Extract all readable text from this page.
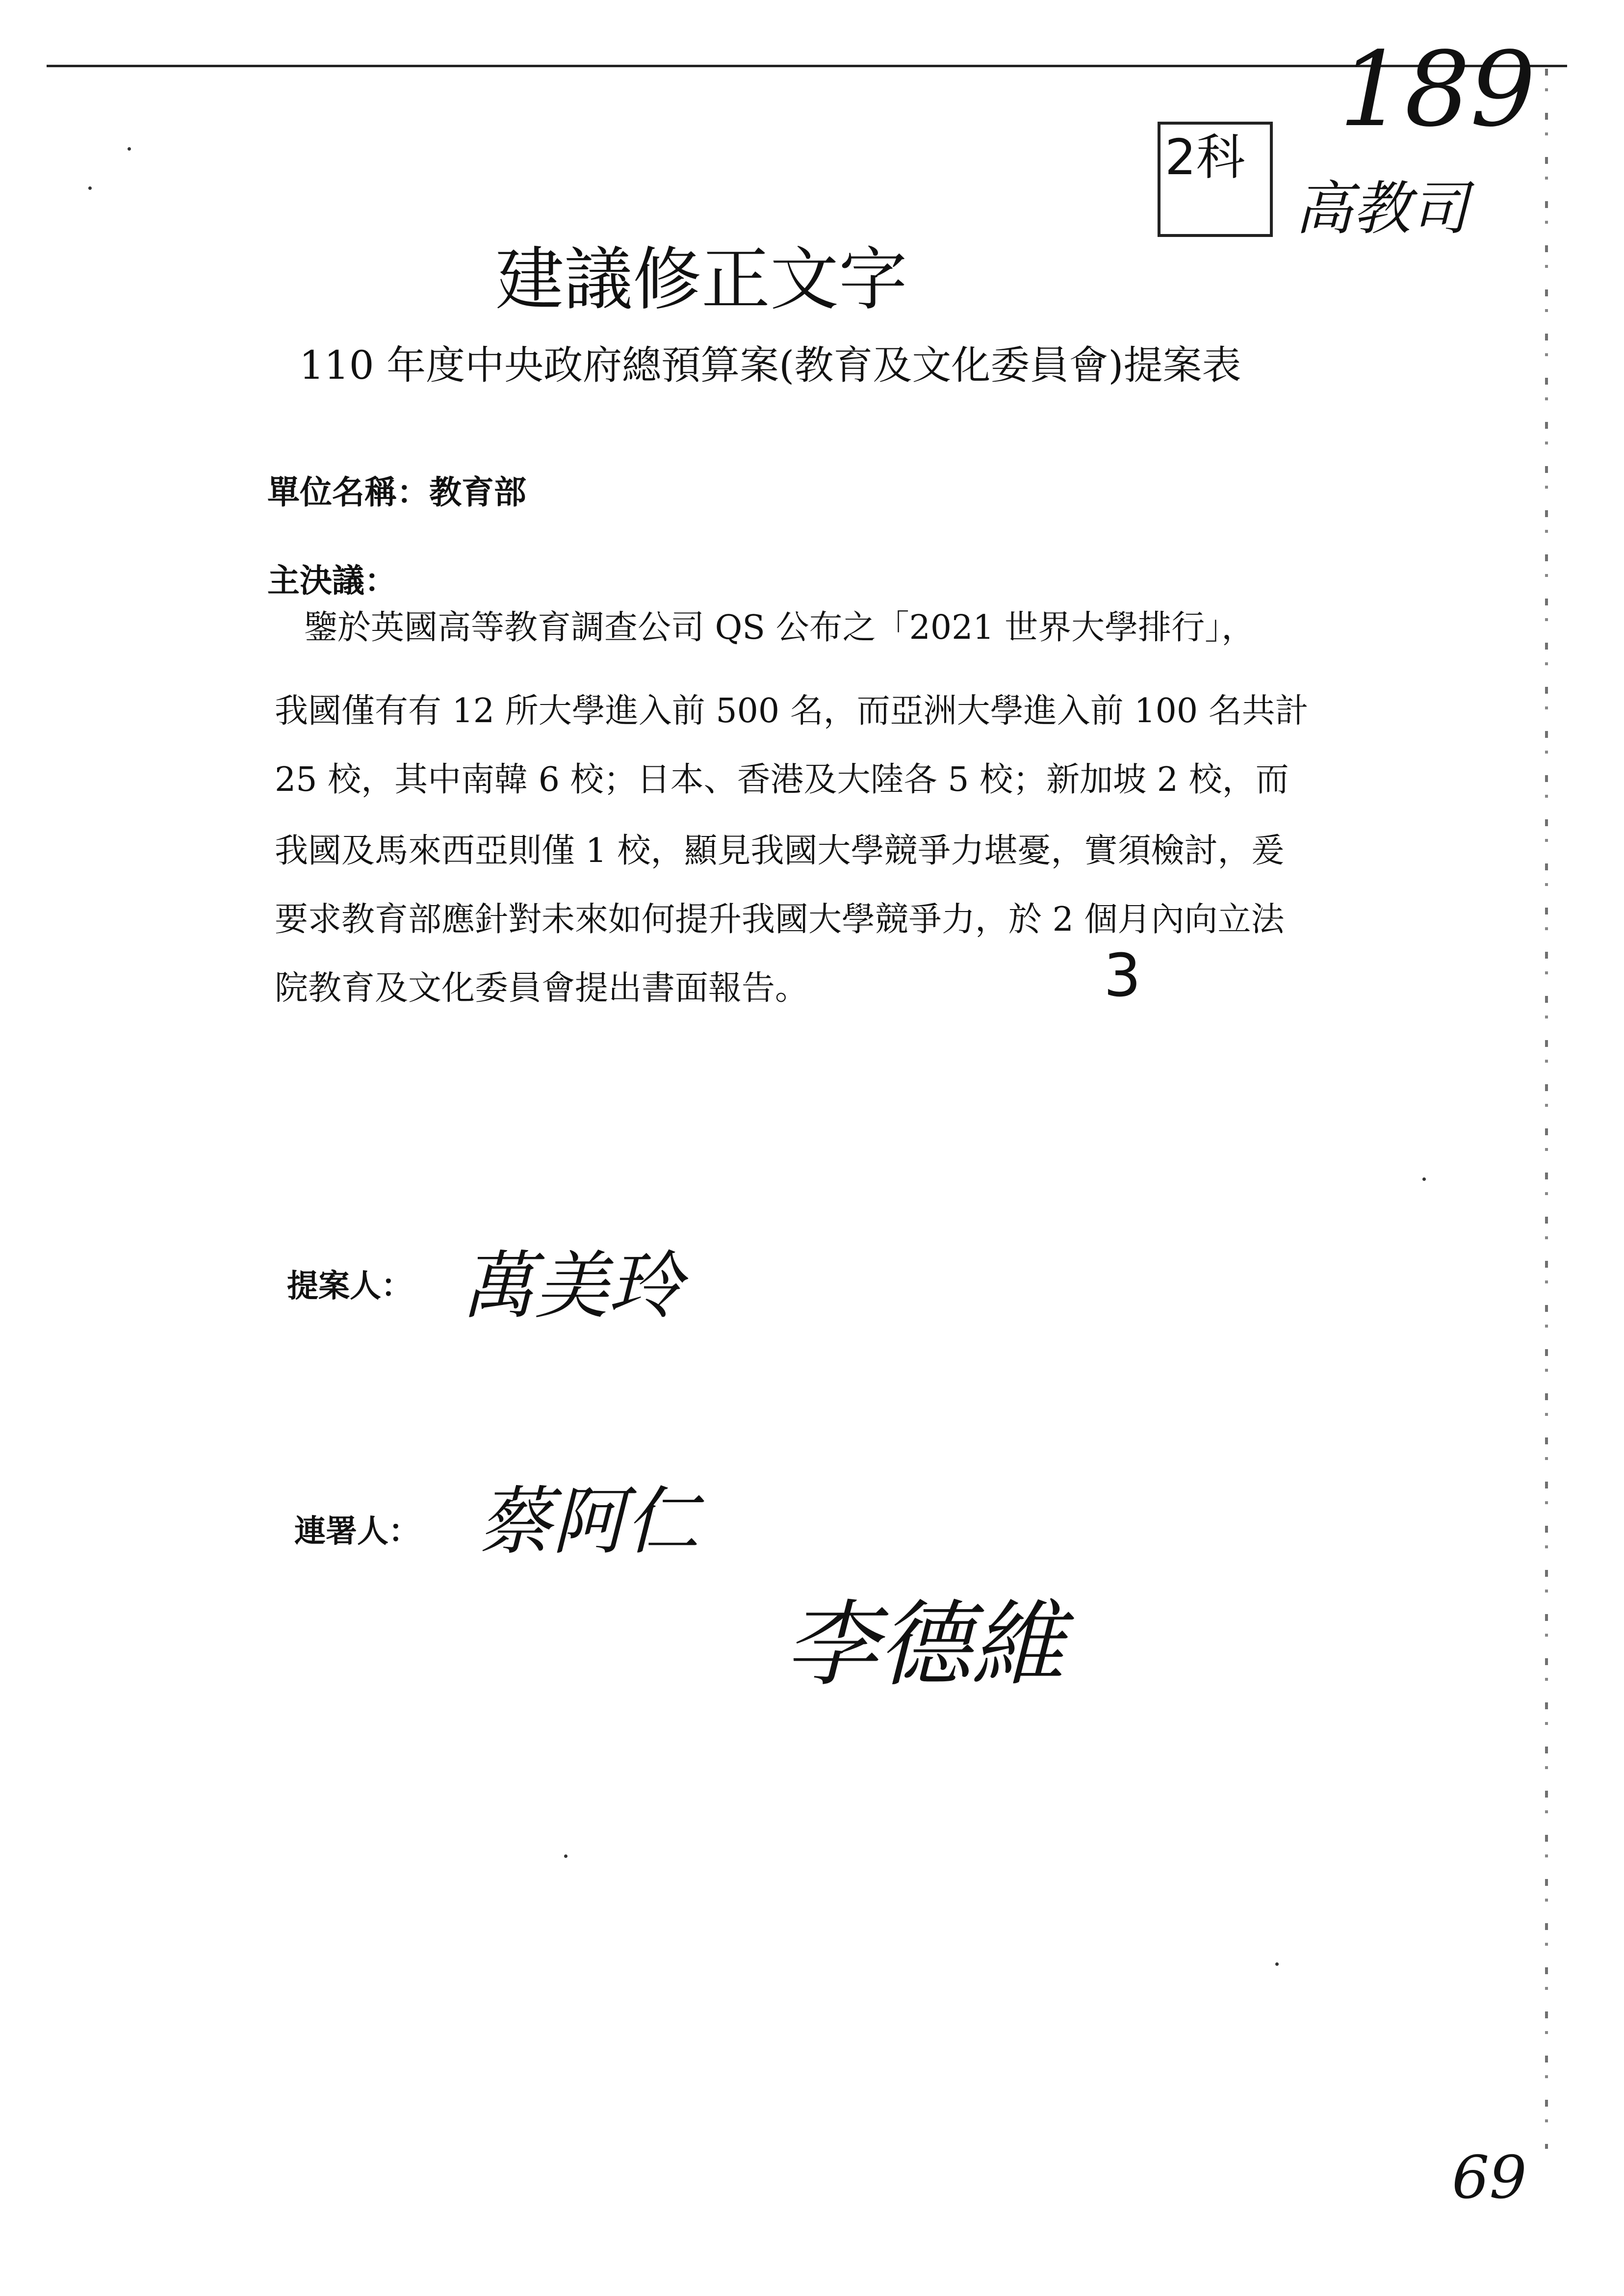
2科
189
高教司
建議修正文字
110 年度中央政府總預算案(教育及文化委員會)提案表
單位名稱：教育部
主決議：
鑒於英國高等教育調查公司 QS 公布之「2021 世界大學排行」，
我國僅有有 12 所大學進入前 500 名，而亞洲大學進入前 100 名共計
25 校，其中南韓 6 校；日本、香港及大陸各 5 校；新加坡 2 校，而
我國及馬來西亞則僅 1 校，顯見我國大學競爭力堪憂，實須檢討，爰
要求教育部應針對未來如何提升我國大學競爭力，於 2 個月內向立法
院教育及文化委員會提出書面報告。	3
提案人： 萬美玲
連署人： 蔡阿仁
李德維
69
